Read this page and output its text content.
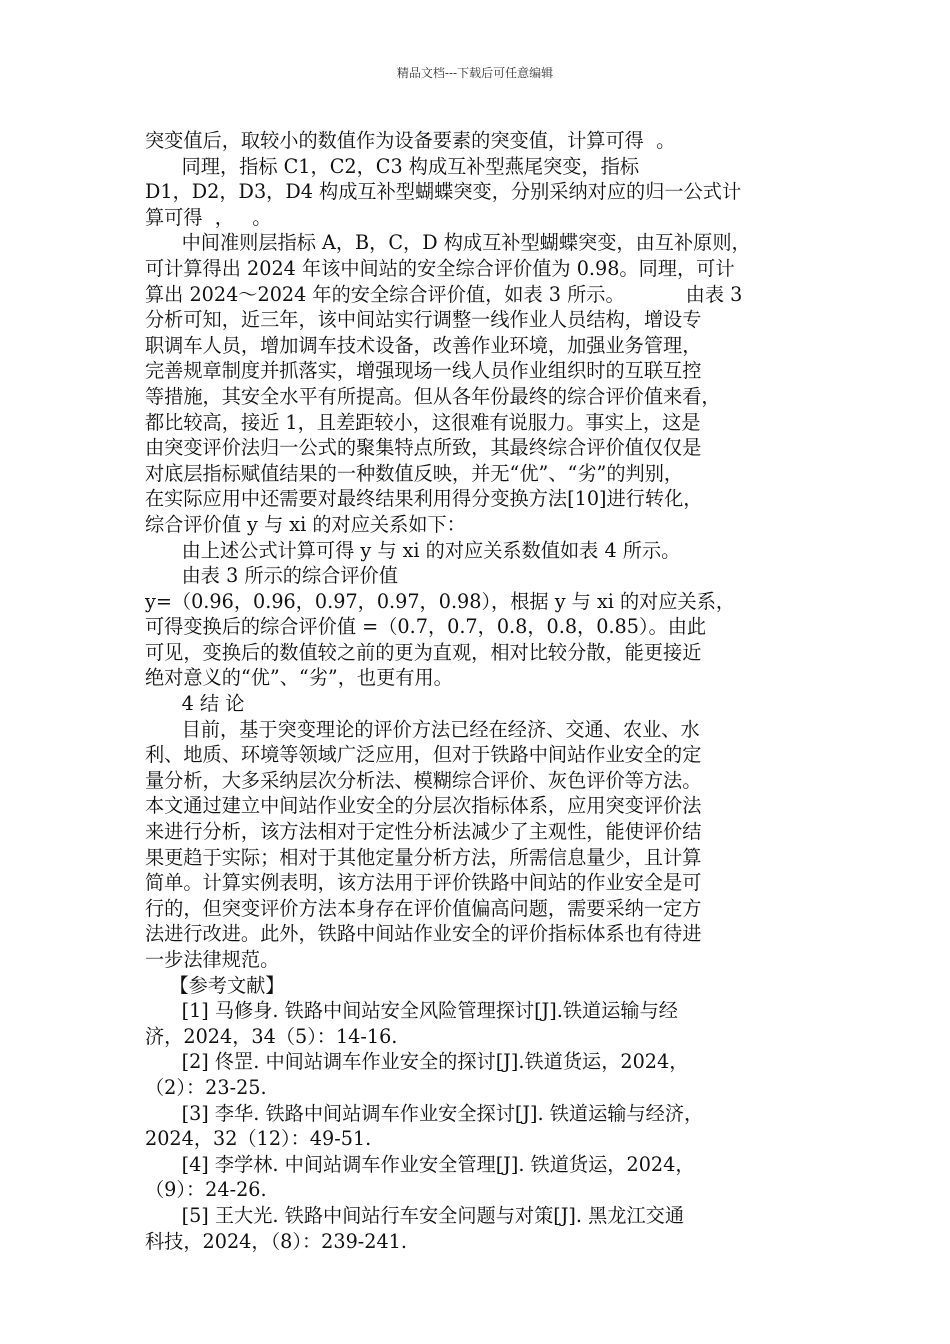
精品文档---下载后可任意编辑

突变值后，取较小的数值作为设备要素的突变值，计算可得  。

同理，指标 C1，C2，C3 构成互补型燕尾突变，指标

D1，D2，D3，D4 构成互补型蝴蝶突变，分别采纳对应的归一公式计

算可得  ，   。

中间准则层指标 A，B，C，D 构成互补型蝴蝶突变，由互补原则，

可计算得出 2024 年该中间站的安全综合评价值为 0.98。同理，可计

算出 2024～2024 年的安全综合评价值，如表 3 所示。          由表 3

分析可知，近三年，该中间站实行调整一线作业人员结构，增设专

职调车人员，增加调车技术设备，改善作业环境，加强业务管理，

完善规章制度并抓落实，增强现场一线人员作业组织时的互联互控

等措施，其安全水平有所提高。但从各年份最终的综合评价值来看，

都比较高，接近 1，且差距较小，这很难有说服力。事实上，这是

由突变评价法归一公式的聚集特点所致，其最终综合评价值仅仅是

对底层指标赋值结果的一种数值反映，并无“优”、“劣”的判别，

在实际应用中还需要对最终结果利用得分变换方法[10]进行转化，

综合评价值 y 与 xi 的对应关系如下：

由上述公式计算可得 y 与 xi 的对应关系数值如表 4 所示。

由表 3 所示的综合评价值

y=（0.96，0.96，0.97，0.97，0.98），根据 y 与 xi 的对应关系，

可得变换后的综合评价值 =（0.7，0.7，0.8，0.8，0.85）。由此

可见，变换后的数值较之前的更为直观，相对比较分散，能更接近

绝对意义的“优”、“劣”，也更有用。

4 结 论

目前，基于突变理论的评价方法已经在经济、交通、农业、水

利、地质、环境等领域广泛应用，但对于铁路中间站作业安全的定

量分析，大多采纳层次分析法、模糊综合评价、灰色评价等方法。

本文通过建立中间站作业安全的分层次指标体系，应用突变评价法

来进行分析，该方法相对于定性分析法减少了主观性，能使评价结

果更趋于实际；相对于其他定量分析方法，所需信息量少，且计算

简单。计算实例表明，该方法用于评价铁路中间站的作业安全是可

行的，但突变评价方法本身存在评价值偏高问题，需要采纳一定方

法进行改进。此外，铁路中间站作业安全的评价指标体系也有待进

一步法律规范。

【参考文献】

[1] 马修身. 铁路中间站安全风险管理探讨[J].铁道运输与经

济，2024，34（5）：14-16.

[2] 佟罡. 中间站调车作业安全的探讨[J].铁道货运，2024，

（2）：23-25.

[3] 李华. 铁路中间站调车作业安全探讨[J]. 铁道运输与经济，

2024，32（12）：49-51.

[4] 李学林. 中间站调车作业安全管理[J]. 铁道货运，2024，

（9）：24-26.

[5] 王大光. 铁路中间站行车安全问题与对策[J]. 黑龙江交通

科技，2024，（8）：239-241.
